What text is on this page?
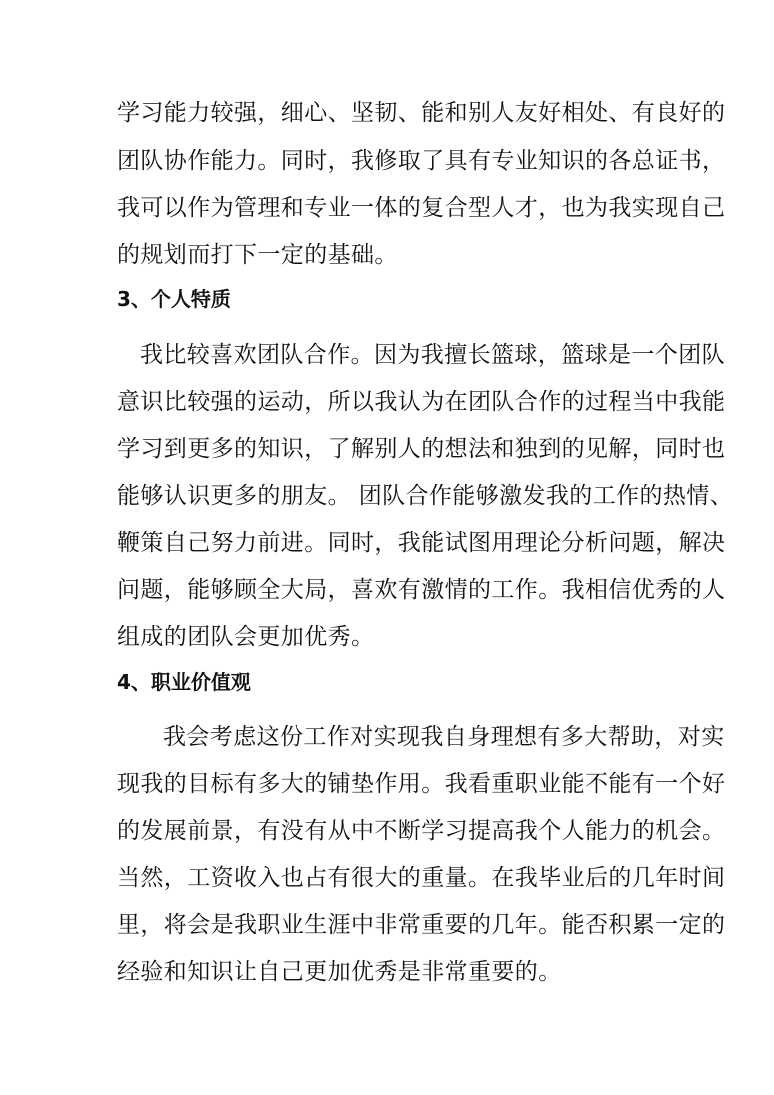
学习能力较强，细心、坚韧、能和别人友好相处、有良好的
团队协作能力。同时，我修取了具有专业知识的各总证书，
我可以作为管理和专业一体的复合型人才，也为我实现自己
的规划而打下一定的基础。
3、个人特质
我比较喜欢团队合作。因为我擅长篮球，篮球是一个团队
意识比较强的运动，所以我认为在团队合作的过程当中我能
学习到更多的知识，了解别人的想法和独到的见解，同时也
能够认识更多的朋友。 团队合作能够激发我的工作的热情、
鞭策自己努力前进。同时，我能试图用理论分析问题，解决
问题，能够顾全大局，喜欢有激情的工作。我相信优秀的人
组成的团队会更加优秀。
4、职业价值观
我会考虑这份工作对实现我自身理想有多大帮助，对实
现我的目标有多大的铺垫作用。我看重职业能不能有一个好
的发展前景，有没有从中不断学习提高我个人能力的机会。
当然，工资收入也占有很大的重量。在我毕业后的几年时间
里，将会是我职业生涯中非常重要的几年。能否积累一定的
经验和知识让自己更加优秀是非常重要的。
